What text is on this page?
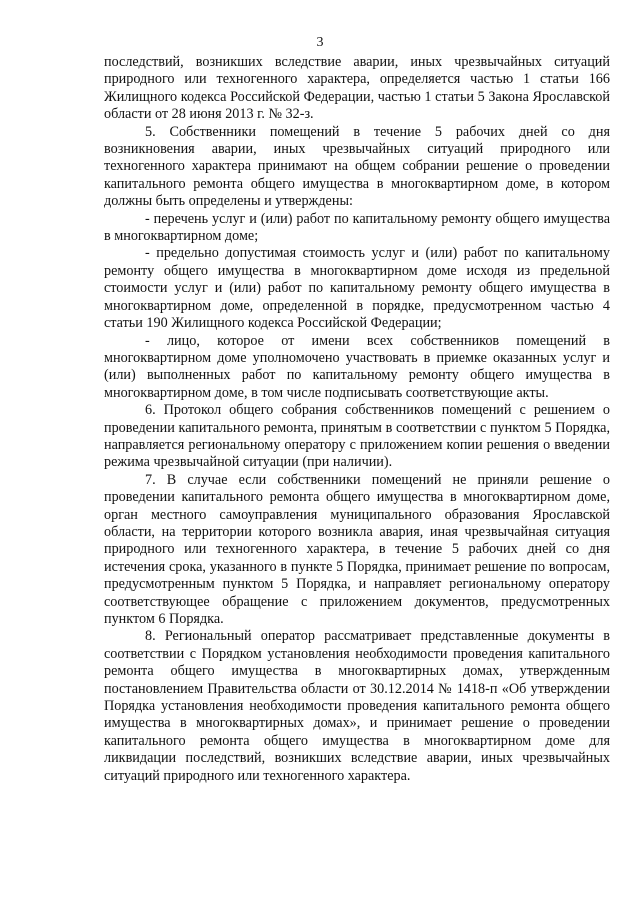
3

последствий, возникших вследствие аварии, иных чрезвычайных ситуаций природного или техногенного характера, определяется частью 1 статьи 166 Жилищного кодекса Российской Федерации, частью 1 статьи 5 Закона Ярославской области от 28 июня 2013 г. № 32-з.

5. Собственники помещений в течение 5 рабочих дней со дня возникновения аварии, иных чрезвычайных ситуаций природного или техногенного характера принимают на общем собрании решение о проведении капитального ремонта общего имущества в многоквартирном доме, в котором должны быть определены и утверждены:

- перечень услуг и (или) работ по капитальному ремонту общего имущества в многоквартирном доме;

- предельно допустимая стоимость услуг и (или) работ по капитальному ремонту общего имущества в многоквартирном доме исходя из предельной стоимости услуг и (или) работ по капитальному ремонту общего имущества в многоквартирном доме, определенной в порядке, предусмотренном частью 4 статьи 190 Жилищного кодекса Российской Федерации;

- лицо, которое от имени всех собственников помещений в многоквартирном доме уполномочено участвовать в приемке оказанных услуг и (или) выполненных работ по капитальному ремонту общего имущества в многоквартирном доме, в том числе подписывать соответствующие акты.

6. Протокол общего собрания собственников помещений с решением о проведении капитального ремонта, принятым в соответствии с пунктом 5 Порядка, направляется региональному оператору с приложением копии решения о введении режима чрезвычайной ситуации (при наличии).

7. В случае если собственники помещений не приняли решение о проведении капитального ремонта общего имущества в многоквартирном доме, орган местного самоуправления муниципального образования Ярославской области, на территории которого возникла авария, иная чрезвычайная ситуация природного или техногенного характера, в течение 5 рабочих дней со дня истечения срока, указанного в пункте 5 Порядка, принимает решение по вопросам, предусмотренным пунктом 5 Порядка, и направляет региональному оператору соответствующее обращение с приложением документов, предусмотренных пунктом 6 Порядка.

8. Региональный оператор рассматривает представленные документы в соответствии с Порядком установления необходимости проведения капитального ремонта общего имущества в многоквартирных домах, утвержденным постановлением Правительства области от 30.12.2014 № 1418-п «Об утверждении Порядка установления необходимости проведения капитального ремонта общего имущества в многоквартирных домах», и принимает решение о проведении капитального ремонта общего имущества в многоквартирном доме для ликвидации последствий, возникших вследствие аварии, иных чрезвычайных ситуаций природного или техногенного характера.
